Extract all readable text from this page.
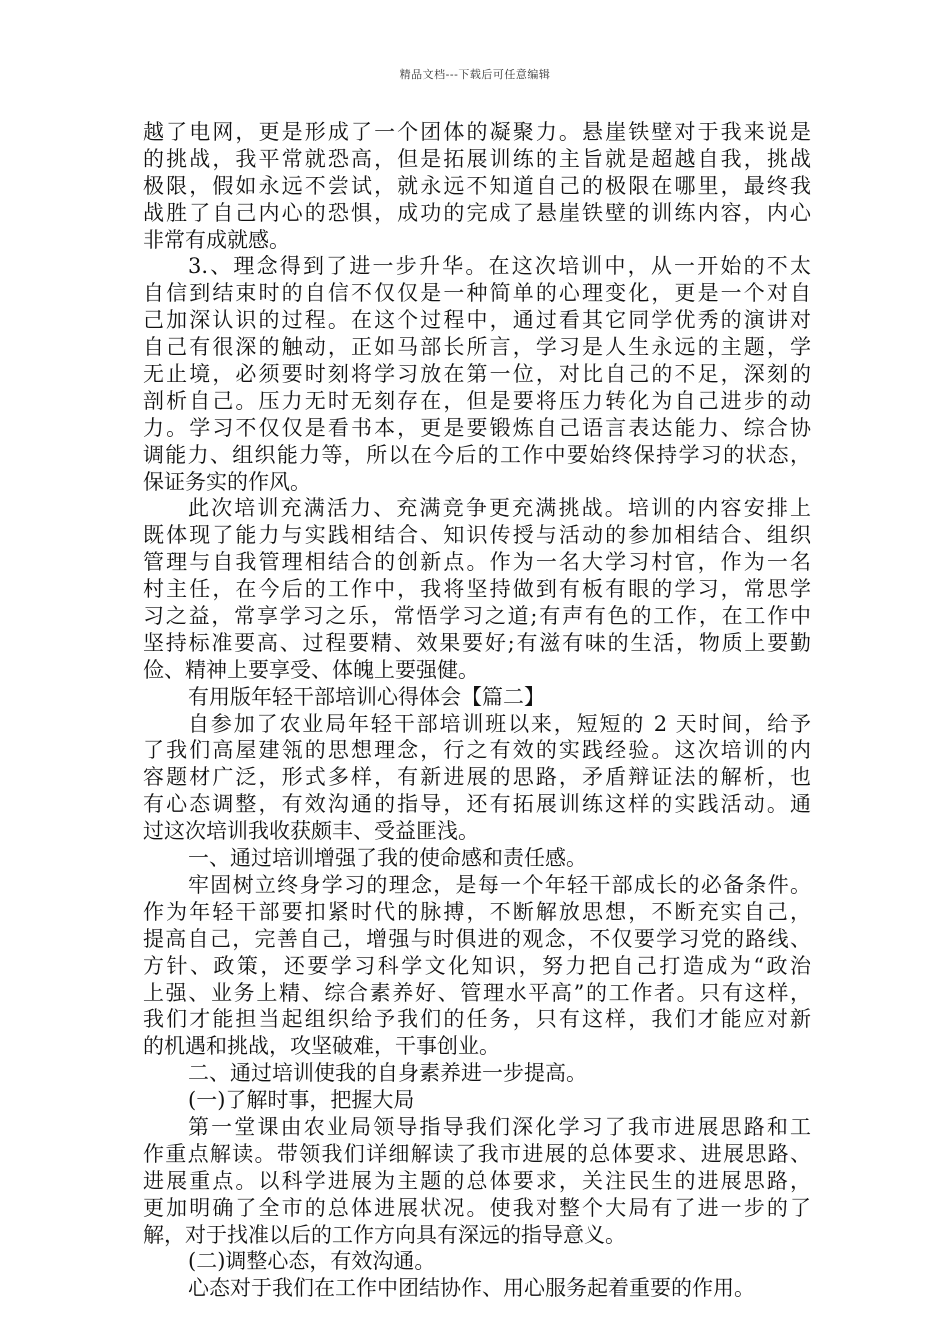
精品文档---下载后可任意编辑
越了电网，更是形成了一个团体的凝聚力。悬崖铁壁对于我来说是
的挑战，我平常就恐高，但是拓展训练的主旨就是超越自我，挑战
极限，假如永远不尝试，就永远不知道自己的极限在哪里，最终我
战胜了自己内心的恐惧，成功的完成了悬崖铁壁的训练内容，内心
非常有成就感。
3.、理念得到了进一步升华。在这次培训中，从一开始的不太
自信到结束时的自信不仅仅是一种简单的心理变化，更是一个对自
己加深认识的过程。在这个过程中，通过看其它同学优秀的演讲对
自己有很深的触动，正如马部长所言，学习是人生永远的主题，学
无止境，必须要时刻将学习放在第一位，对比自己的不足，深刻的
剖析自己。压力无时无刻存在，但是要将压力转化为自己进步的动
力。学习不仅仅是看书本，更是要锻炼自己语言表达能力、综合协
调能力、组织能力等，所以在今后的工作中要始终保持学习的状态，
保证务实的作风。
此次培训充满活力、充满竞争更充满挑战。培训的内容安排上
既体现了能力与实践相结合、知识传授与活动的参加相结合、组织
管理与自我管理相结合的创新点。作为一名大学习村官，作为一名
村主任，在今后的工作中，我将坚持做到有板有眼的学习，常思学
习之益，常享学习之乐，常悟学习之道;有声有色的工作，在工作中
坚持标准要高、过程要精、效果要好;有滋有味的生活，物质上要勤
俭、精神上要享受、体魄上要强健。
有用版年轻干部培训心得体会【篇二】
自参加了农业局年轻干部培训班以来，短短的 2 天时间，给予
了我们高屋建瓴的思想理念，行之有效的实践经验。这次培训的内
容题材广泛，形式多样，有新进展的思路，矛盾辩证法的解析，也
有心态调整，有效沟通的指导，还有拓展训练这样的实践活动。通
过这次培训我收获颇丰、受益匪浅。
一、通过培训增强了我的使命感和责任感。
牢固树立终身学习的理念，是每一个年轻干部成长的必备条件。
作为年轻干部要扣紧时代的脉搏，不断解放思想，不断充实自己，
提高自己，完善自己，增强与时俱进的观念，不仅要学习党的路线、
方针、政策，还要学习科学文化知识，努力把自己打造成为“政治
上强、业务上精、综合素养好、管理水平高”的工作者。只有这样，
我们才能担当起组织给予我们的任务，只有这样，我们才能应对新
的机遇和挑战，攻坚破难，干事创业。
二、通过培训使我的自身素养进一步提高。
(一)了解时事，把握大局
第一堂课由农业局领导指导我们深化学习了我市进展思路和工
作重点解读。带领我们详细解读了我市进展的总体要求、进展思路、
进展重点。以科学进展为主题的总体要求，关注民生的进展思路，
更加明确了全市的总体进展状况。使我对整个大局有了进一步的了
解，对于找准以后的工作方向具有深远的指导意义。
(二)调整心态，有效沟通。
心态对于我们在工作中团结协作、用心服务起着重要的作用。
